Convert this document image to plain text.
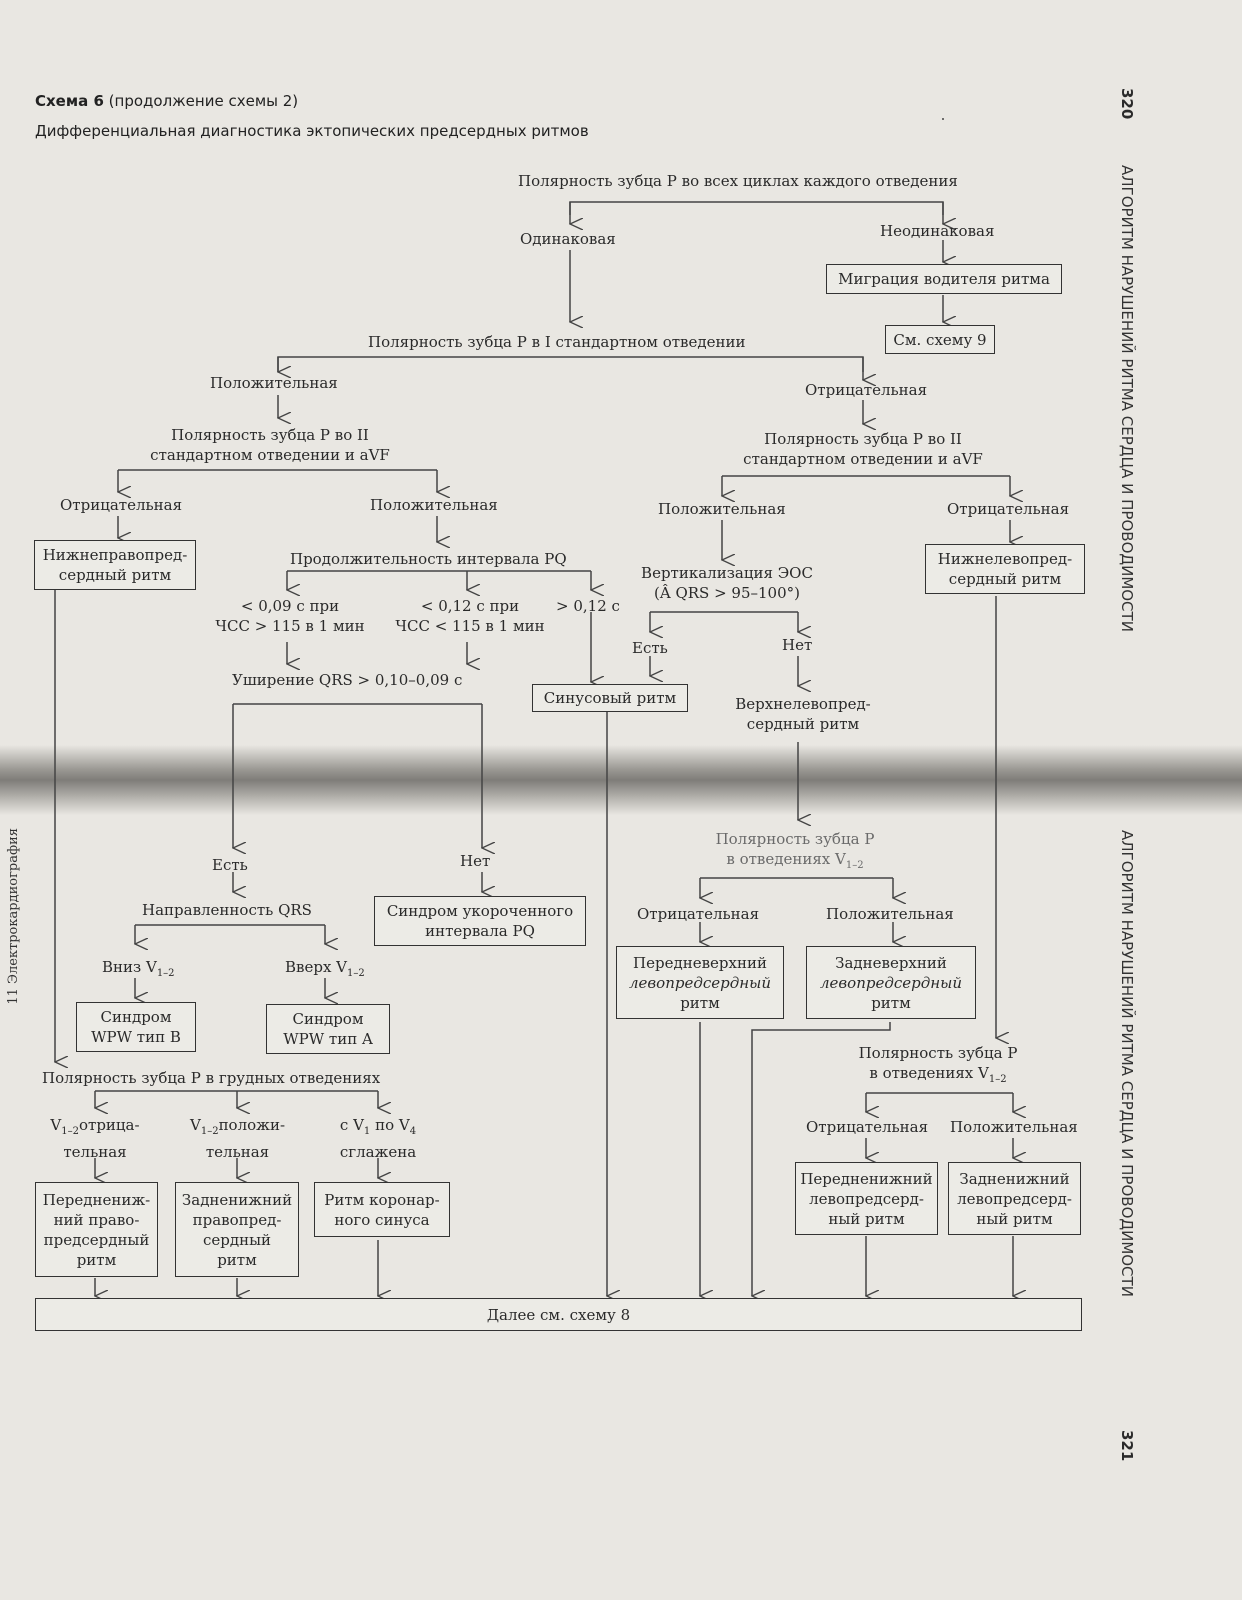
Схема 6 (продолжение схемы 2)
Дифференциальная диагностика эктопических предсердных ритмов
320
АЛГОРИТМ НАРУШЕНИЙ РИТМА СЕРДЦА И ПРОВОДИМОСТИ
АЛГОРИТМ НАРУШЕНИЙ РИТМА СЕРДЦА И ПРОВОДИМОСТИ
321
11 Электрокардиография
Полярность зубца P во всех циклах каждого отведения
Одинаковая	Неодинаковая
Миграция водителя ритма
См. схему 9
Полярность зубца P в I стандартном отведении
Положительная	Отрицательная
Полярность зубца P во II
стандартном отведении и aVF
Полярность зубца P во II
стандартном отведении и aVF
Отрицательная	Положительная	Положительная	Отрицательная
Нижнеправопред-
сердный ритм
Нижнелевопред-
сердный ритм
Продолжительность интервала PQ
< 0,09 с при
ЧСС > 115 в 1 мин
< 0,12 с при
ЧСС < 115 в 1 мин
> 0,12 с
Вертикализация ЭОС
(Â QRS > 95–100°)
Есть	Нет
Уширение QRS > 0,10–0,09 с
Синусовый ритм	Верхнелевопред-
сердный ритм
Есть	Нет
Направленность QRS	Синдром укороченного
интервала PQ
Вниз $V_{1-2}$	Вверх $V_{1-2}$
Синдром
WPW тип B
Синдром
WPW тип A
Полярность зубца P в грудных отведениях
$V_{1-2}отрица-$
тельная
$V_{1-2}положи-$
тельная
с $V_1$ по $V_4$
сглажена
Переднениж-
ний право-
предсердный
ритм
Задненижний
правопред-
сердный
ритм
Ритм коронар-
ного синуса
Полярность зубца P
в отведениях $V_{1-2}$
Отрицательная	Положительная
Передневерхний
левопредсердный
ритм
Задневерхний
левопредсердный
ритм
Полярность зубца P
в отведениях $V_{1-2}$
Отрицательная Положительная
Передненижний
левопредсерд-
ный ритм
Задненижний
левопредсерд-
ный ритм
Далее см. схему 8
